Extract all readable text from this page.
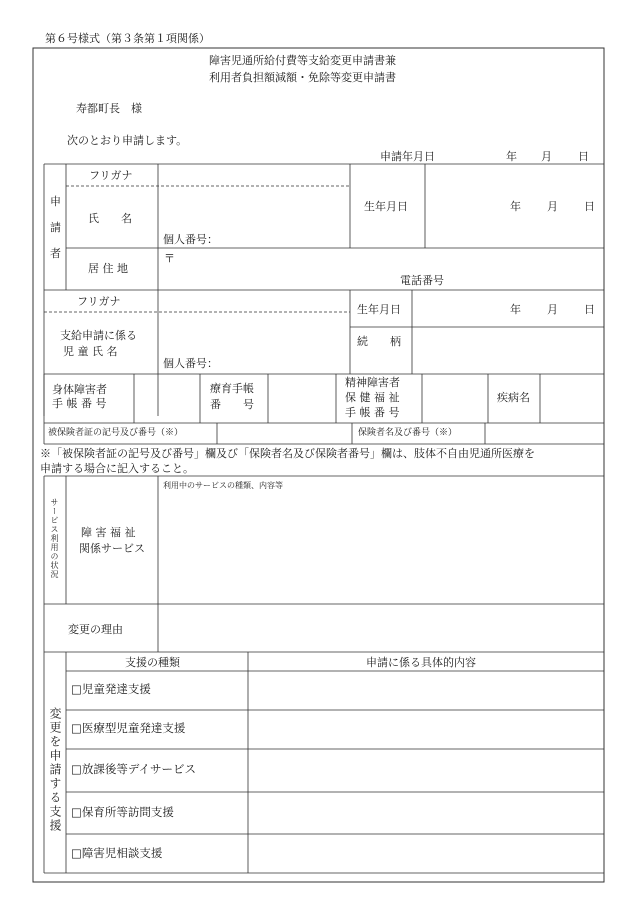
第６号様式（第３条第１項関係）
障害児通所給付費等支給変更申請書兼
利用者負担額減額・免除等変更申請書
寿都町長　様
次のとおり申請します。
申請年月日	年 月 日
申
請
者
フリガナ
氏　　名
個人番号：
生年月日	年 月 日
居 住 地
〒
電話番号
フリガナ
支給申請に係る
児 童 氏 名
個人番号：
生年月日	年 月 日
続　　柄
身体障害者
手 帳 番 号
療育手帳
番　　号
精神障害者
保 健 福 祉
手 帳 番 号
疾病名
被保険者証の記号及び番号（※）	保険者名及び番号（※）
※「被保険者証の記号及び番号」欄及び「保険者名及び保険者番号」欄は、肢体不自由児通所医療を
申請する場合に記入すること。
サービス利用の状況 障 害 福 祉
関係サービス
利用中のサービスの種類、内容等
変更の理由
変更を申請する支援
支援の種類	申請に係る具体的内容
□児童発達支援
□医療型児童発達支援
□放課後等デイサービス
□保育所等訪問支援
□障害児相談支援
